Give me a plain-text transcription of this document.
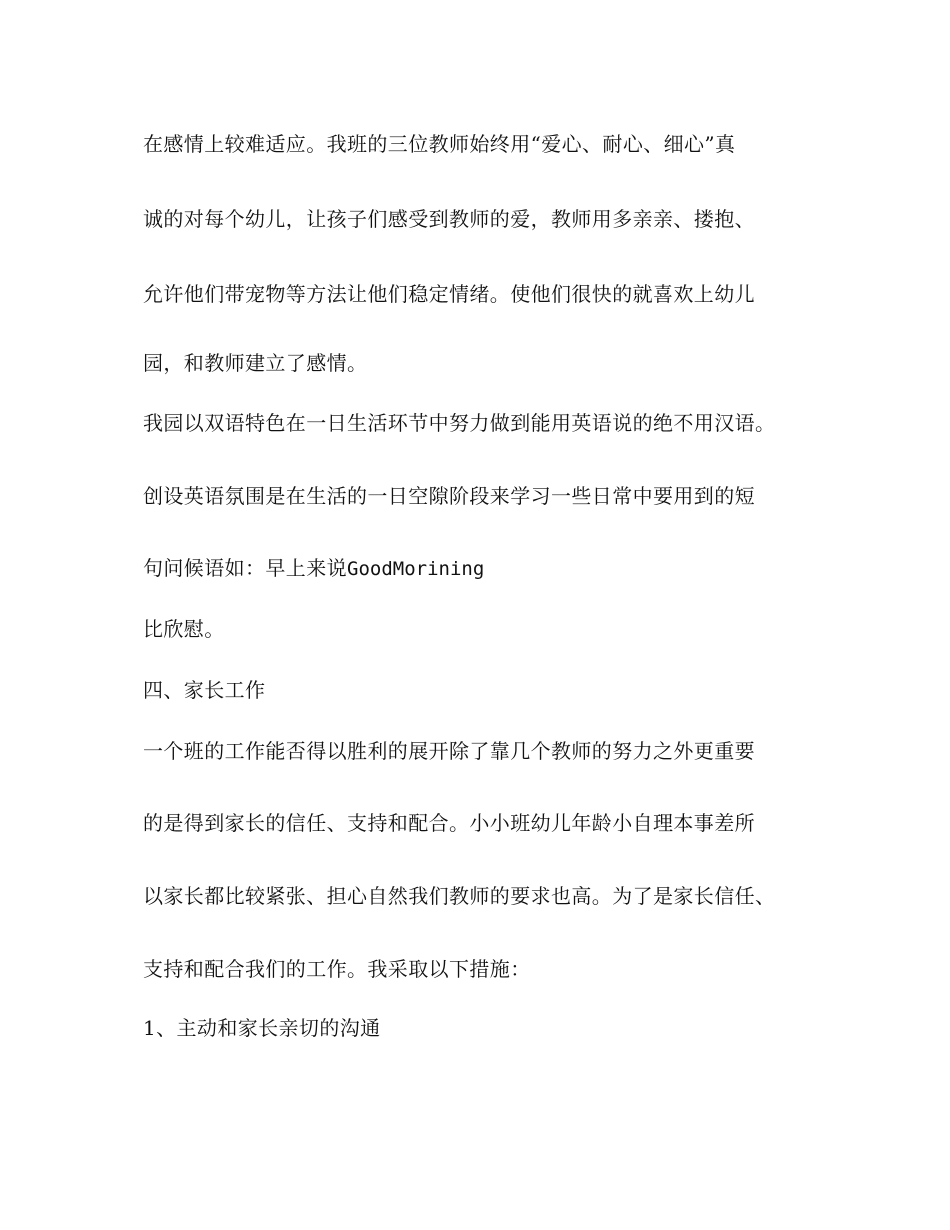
在感情上较难适应。我班的三位教师始终用“爱心、耐心、细心”真
诚的对每个幼儿，让孩子们感受到教师的爱，教师用多亲亲、搂抱、
允许他们带宠物等方法让他们稳定情绪。使他们很快的就喜欢上幼儿
园，和教师建立了感情。
我园以双语特色在一日生活环节中努力做到能用英语说的绝不用汉语。
创设英语氛围是在生活的一日空隙阶段来学习一些日常中要用到的短
句问候语如：早上来说GoodMorining
比欣慰。
四、家长工作
一个班的工作能否得以胜利的展开除了靠几个教师的努力之外更重要
的是得到家长的信任、支持和配合。小小班幼儿年龄小自理本事差所
以家长都比较紧张、担心自然我们教师的要求也高。为了是家长信任、
支持和配合我们的工作。我采取以下措施：
1、主动和家长亲切的沟通
